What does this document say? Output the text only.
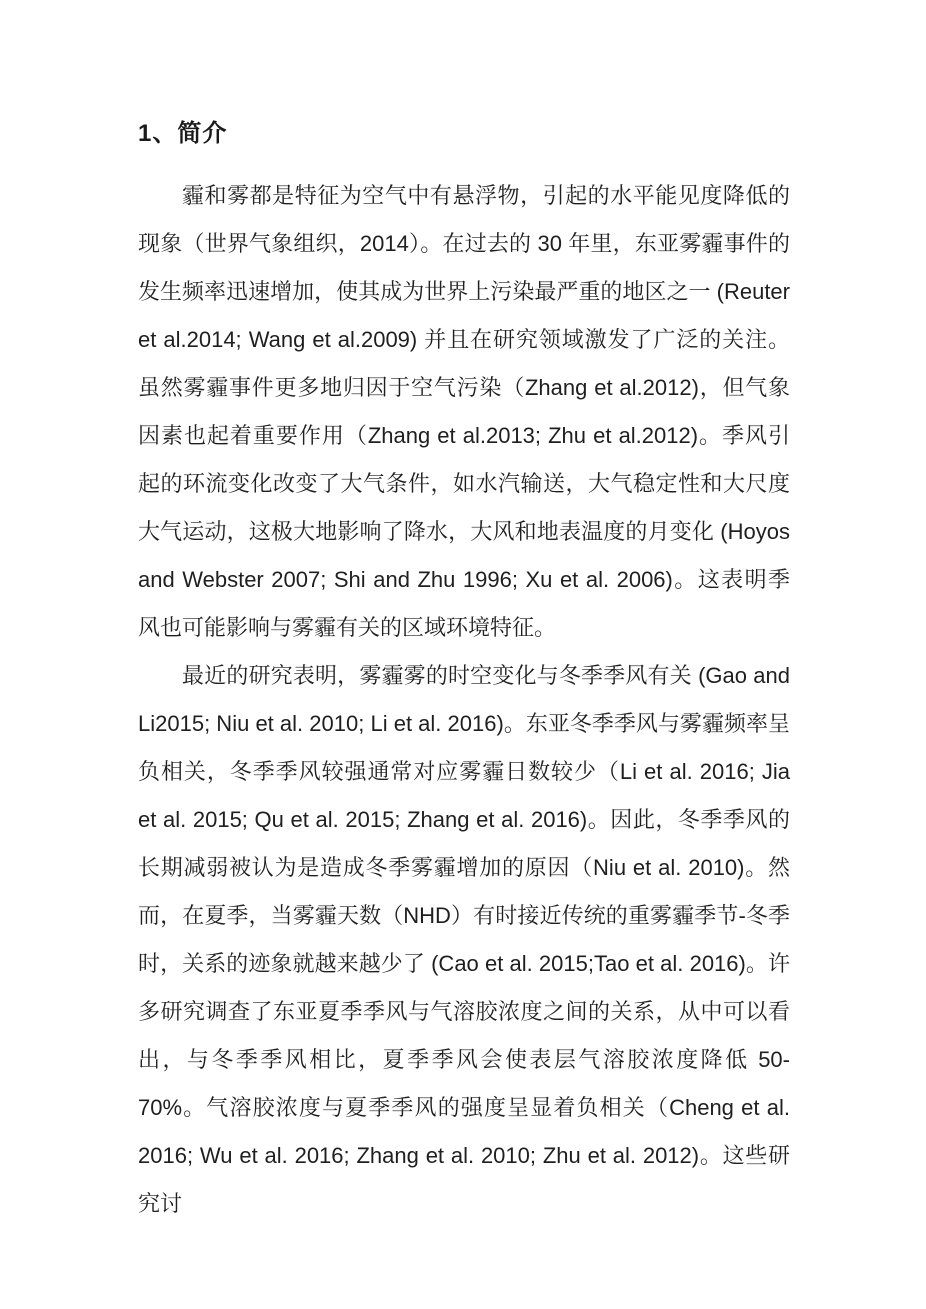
1、简介

霾和雾都是特征为空气中有悬浮物，引起的水平能见度降低的现象（世界气象组织，2014）。在过去的 30 年里，东亚雾霾事件的发生频率迅速增加，使其成为世界上污染最严重的地区之一 (Reuter et al.2014; Wang et al.2009) 并且在研究领域激发了广泛的关注。虽然雾霾事件更多地归因于空气污染（Zhang et al.2012)，但气象因素也起着重要作用（Zhang et al.2013; Zhu et al.2012)。季风引起的环流变化改变了大气条件，如水汽输送，大气稳定性和大尺度大气运动，这极大地影响了降水，大风和地表温度的月变化 (Hoyos and Webster 2007; Shi and Zhu 1996; Xu et al. 2006)。这表明季风也可能影响与雾霾有关的区域环境特征。

最近的研究表明，雾霾雾的时空变化与冬季季风有关 (Gao and Li2015; Niu et al. 2010; Li et al. 2016)。东亚冬季季风与雾霾频率呈负相关，冬季季风较强通常对应雾霾日数较少（Li et al. 2016; Jia et al. 2015; Qu et al. 2015; Zhang et al. 2016)。因此，冬季季风的长期减弱被认为是造成冬季雾霾增加的原因（Niu et al. 2010)。然而，在夏季，当雾霾天数（NHD）有时接近传统的重雾霾季节-冬季时，关系的迹象就越来越少了 (Cao et al. 2015;Tao et al. 2016)。许多研究调查了东亚夏季季风与气溶胶浓度之间的关系，从中可以看出，与冬季季风相比，夏季季风会使表层气溶胶浓度降低 50-70%。气溶胶浓度与夏季季风的强度呈显着负相关（Cheng et al. 2016; Wu et al. 2016; Zhang et al. 2010; Zhu et al. 2012)。这些研究讨
